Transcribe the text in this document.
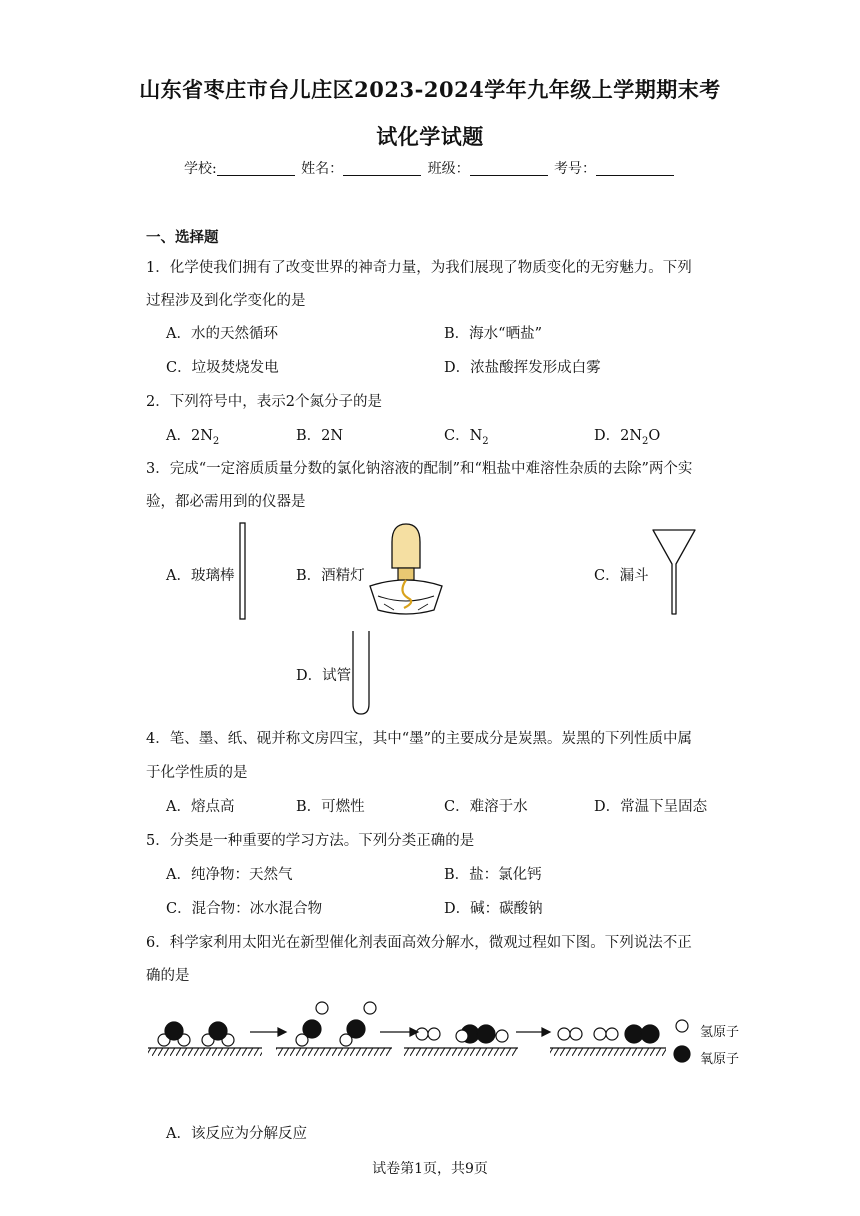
山东省枣庄市台儿庄区2023-2024学年九年级上学期期末考
试化学试题
学校:	姓名：	班级：	考号：
一、选择题
1．化学使我们拥有了改变世界的神奇力量，为我们展现了物质变化的无穷魅力。下列
过程涉及到化学变化的是
A．水的天然循环	B．海水“晒盐”
C．垃圾焚烧发电	D．浓盐酸挥发形成白雾
2．下列符号中，表示2个氮分子的是
A．$2N_2$	B．2N	C．$N_2$	D．$2N_2O$
3．完成“一定溶质质量分数的氯化钠溶液的配制”和“粗盐中难溶性杂质的去除”两个实
验，都必需用到的仪器是
A．玻璃棒	B．酒精灯	C．漏斗
D．试管
4．笔、墨、纸、砚并称文房四宝，其中“墨”的主要成分是炭黑。炭黑的下列性质中属
于化学性质的是
A．熔点高	B．可燃性	C．难溶于水	D．常温下呈固态
5．分类是一种重要的学习方法。下列分类正确的是
A．纯净物：天然气	B．盐：氯化钙
C．混合物：冰水混合物	D．碱：碳酸钠
6．科学家利用太阳光在新型催化剂表面高效分解水，微观过程如下图。下列说法不正
确的是
氢原子
氧原子
A．该反应为分解反应
试卷第1页，共9页
